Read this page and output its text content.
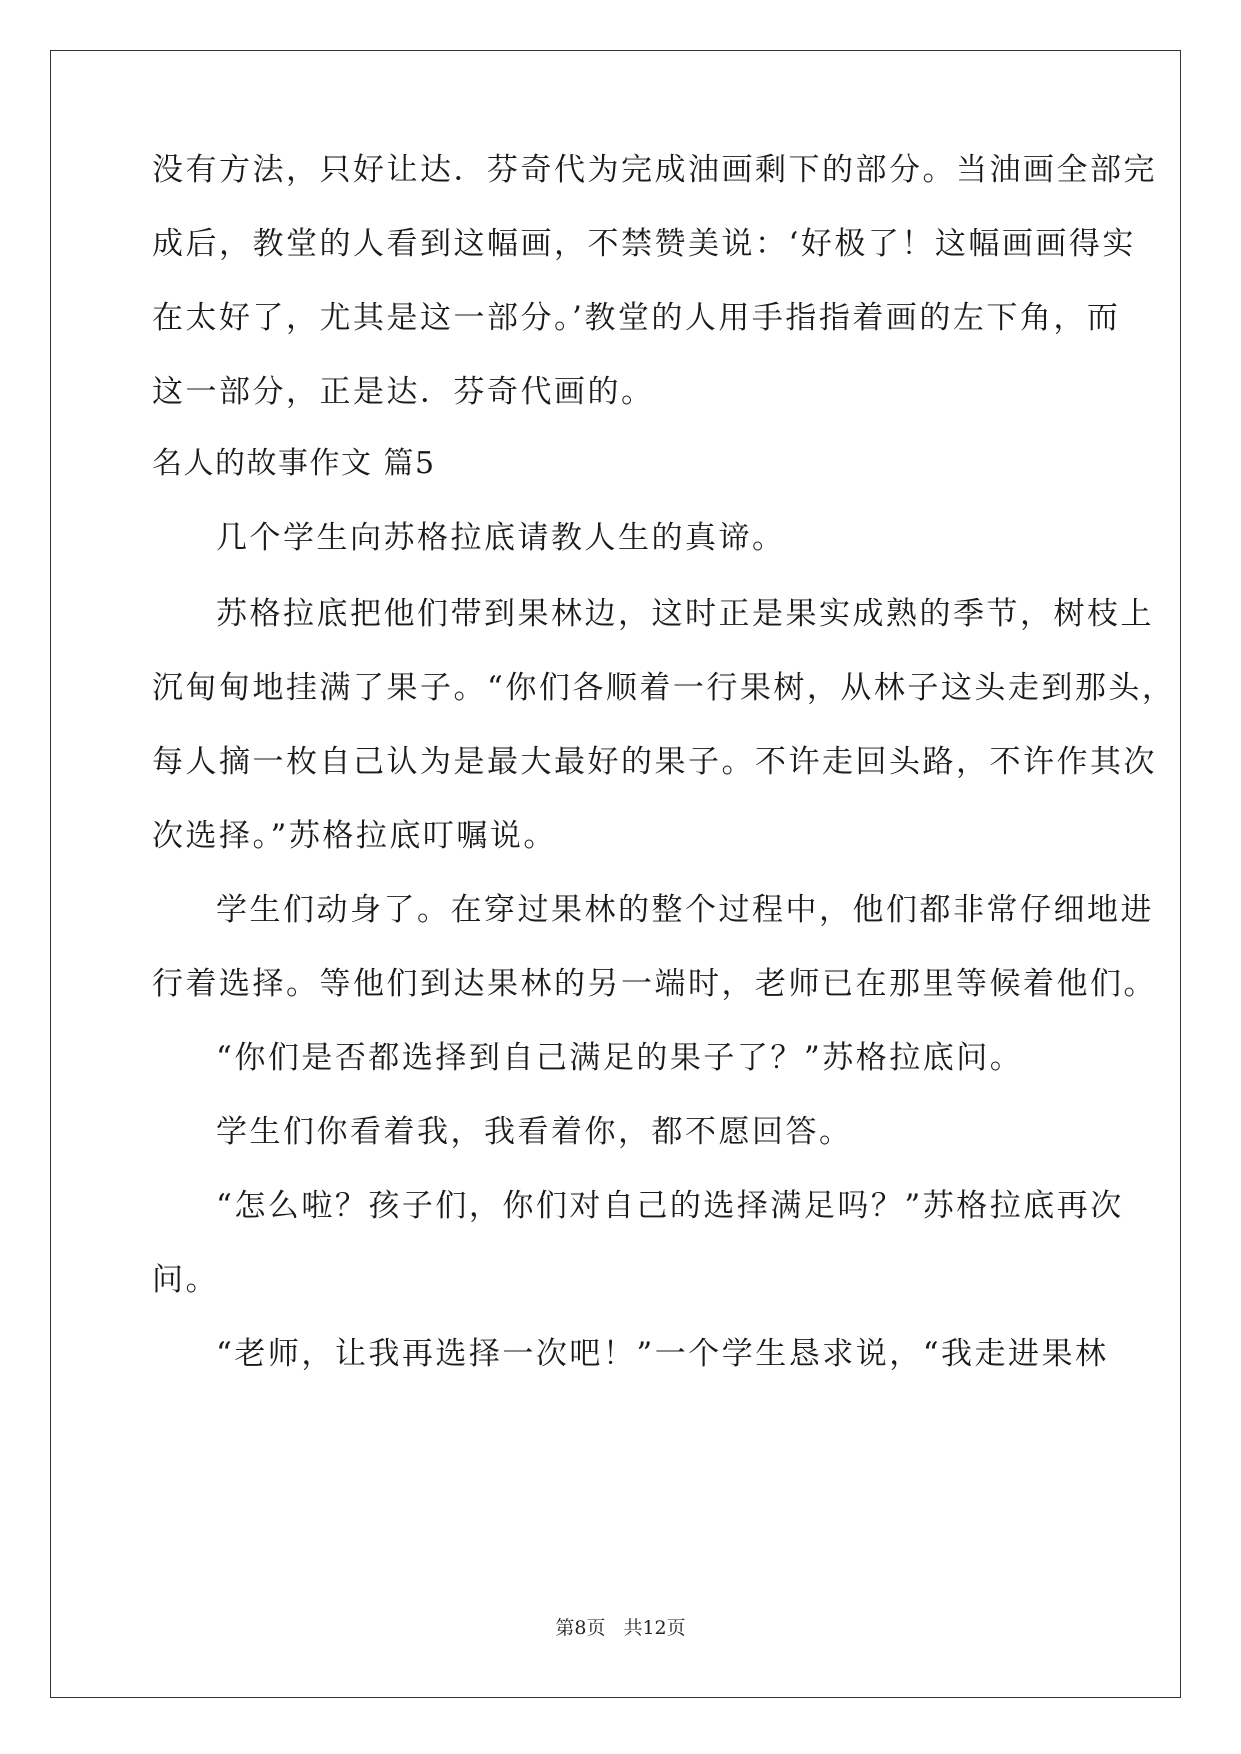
没有方法，只好让达．芬奇代为完成油画剩下的部分。当油画全部完
成后，教堂的人看到这幅画，不禁赞美说：‘好极了！这幅画画得实
在太好了，尤其是这一部分。’教堂的人用手指指着画的左下角，而
这一部分，正是达．芬奇代画的。
名人的故事作文 篇5
几个学生向苏格拉底请教人生的真谛。
苏格拉底把他们带到果林边，这时正是果实成熟的季节，树枝上
沉甸甸地挂满了果子。“你们各顺着一行果树，从林子这头走到那头，
每人摘一枚自己认为是最大最好的果子。不许走回头路，不许作其次
次选择。”苏格拉底叮嘱说。
学生们动身了。在穿过果林的整个过程中，他们都非常仔细地进
行着选择。等他们到达果林的另一端时，老师已在那里等候着他们。
“你们是否都选择到自己满足的果子了？”苏格拉底问。
学生们你看着我，我看着你，都不愿回答。
“怎么啦？孩子们，你们对自己的选择满足吗？”苏格拉底再次
问。
“老师，让我再选择一次吧！”一个学生恳求说，“我走进果林
第8页 共12页
